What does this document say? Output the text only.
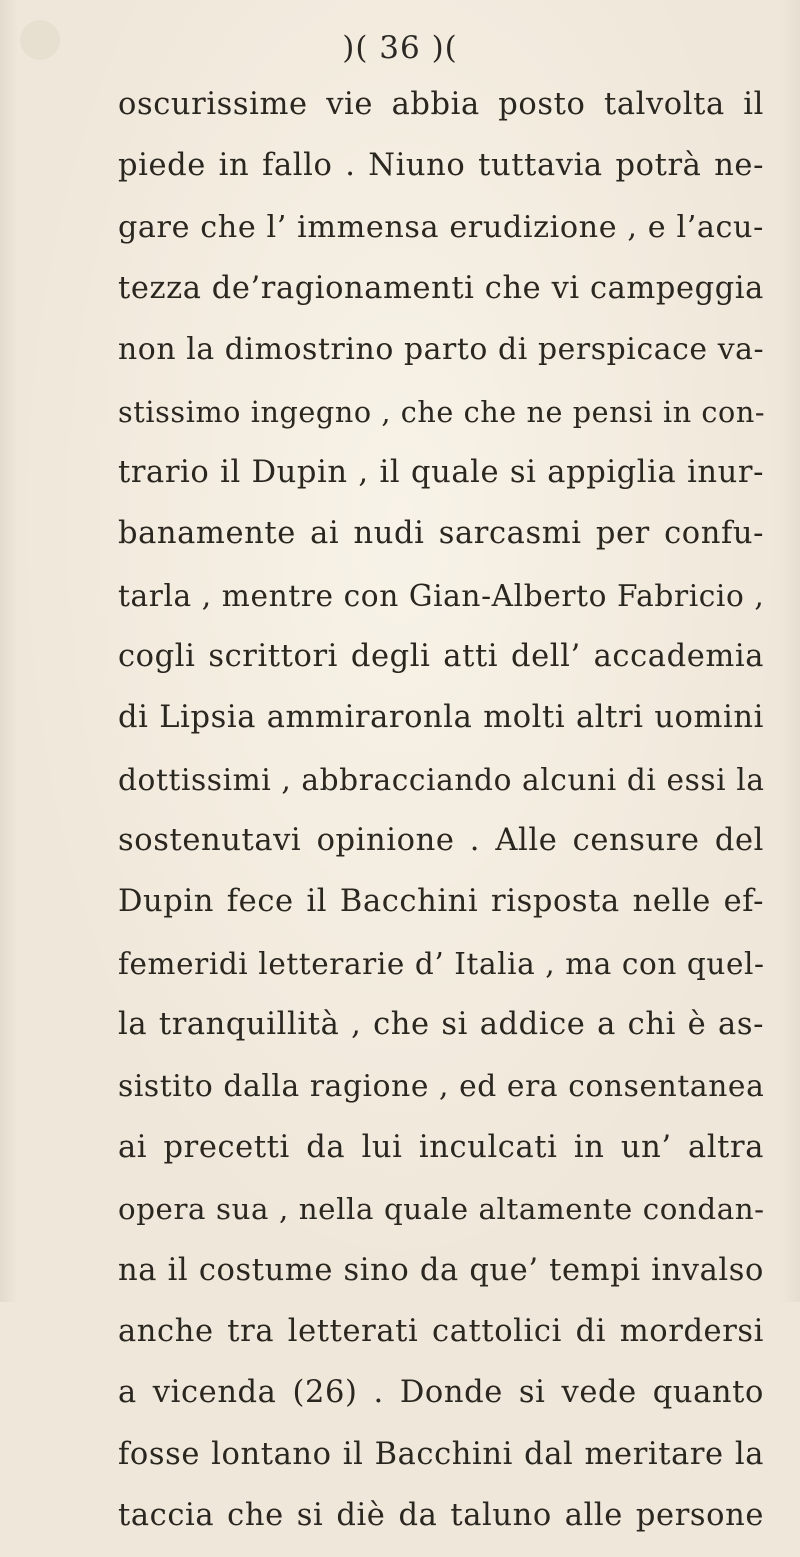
)( 36 )(
oscurissime vie abbia posto talvolta il
piede in fallo . Niuno tuttavia potrà ne-
gare che l’ immensa erudizione , e l’acu-
tezza de’ragionamenti che vi campeggia
non la dimostrino parto di perspicace va-
stissimo ingegno , che che ne pensi in con-
trario il Dupin , il quale si appiglia inur-
banamente ai nudi sarcasmi per confu-
tarla , mentre con Gian-Alberto Fabricio ,
cogli scrittori degli atti dell’ accademia
di Lipsia ammiraronla molti altri uomini
dottissimi , abbracciando alcuni di essi la
sostenutavi opinione . Alle censure del
Dupin fece il Bacchini risposta nelle ef-
femeridi letterarie d’ Italia , ma con quel-
la tranquillità , che si addice a chi è as-
sistito dalla ragione , ed era consentanea
ai precetti da lui inculcati in un’ altra
opera sua , nella quale altamente condan-
na il costume sino da que’ tempi invalso
anche tra letterati cattolici di mordersi
a vicenda (26) . Donde si vede quanto
fosse lontano il Bacchini dal meritare la
taccia che si diè da taluno alle persone
